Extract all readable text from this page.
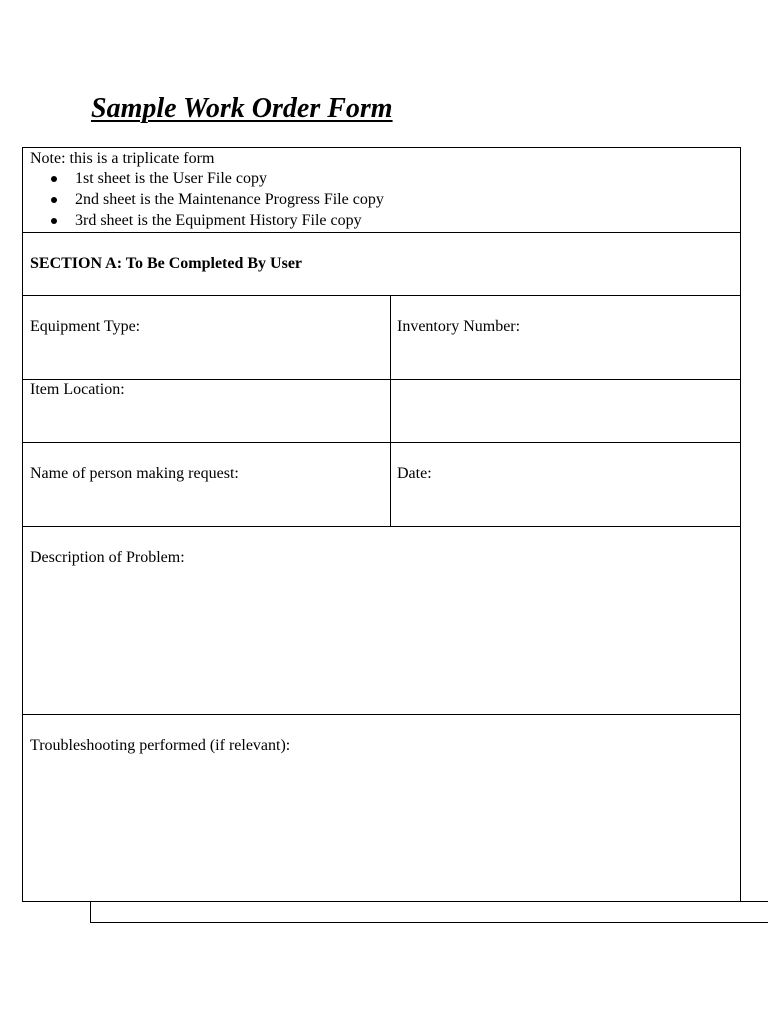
Sample Work Order Form
Note: this is a triplicate form
1st sheet is the User File copy
2nd sheet is the Maintenance Progress File copy
3rd sheet is the Equipment History File copy
SECTION A: To Be Completed By User
Equipment Type:	Inventory Number:
Item Location:
Name of person making request:	Date:
Description of Problem:
Troubleshooting performed (if relevant):
